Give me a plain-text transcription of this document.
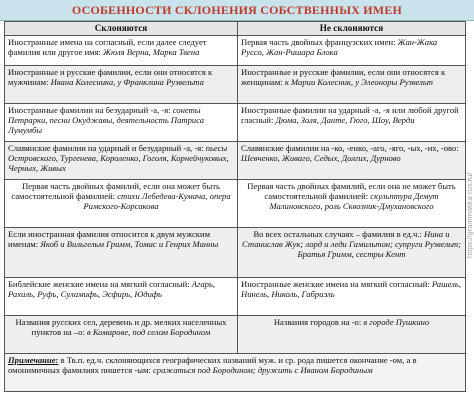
ОСОБЕННОСТИ СКЛОНЕНИЯ СОБСТВЕННЫХ ИМЕН
Склоняются	Не склоняются
Иностранные имена на согласный, если далее следует фамилия или другое имя: Жюля Верна, Марка Твена	Первая часть двойных французских имен: Жан-Жака Руссо, Жан-Ришара Блока
Иностранные и русские фамилии, если они относятся к мужчинам: Ивана Колесника, у Франклина Рузвельта	Иностранные и русские фамилии, если они относятся к женщинам: к Марии Колесник, у Элеоноры Рузвельт
Иностранные фамилии на безударный -а, -я: сонеты Петрарки, песни Окуджавы, деятельность Патриса Лумумбы	Иностранные фамилии на ударный -а, -я или любой другой гласный: Дюма, Золя, Данте, Гюго, Шоу, Верди
Славянские фамилии на ударный и безударный -а, -я: пьесы Островского, Тургенева, Короленко, Гоголя, Корнейчуковых, Черных, Живых	Славянские фамилии на -ко, -енко, -аго, -яго, -ых, -их, -ово: Шевченко, Живаго, Седых, Долгих, Дурново
Первая часть двойных фамилий, если она может быть самостоятельной фамилией: стихи Лебедева-Кумача, опера Римского-Корсакова	Первая часть двойных фамилий, если она не может быть самостоятельной фамилией: скульптура Демут Малиновского, роль Сквозник-Дмухановского
Если иностранная фамилия относится к двум мужским именам: Якоб и Вильгельм Гримм, Томас и Генрих Манны	Во всех остальных случаях – фамилия в ед.ч.: Нина и Станислав Жук; лорд и леди Гамильтон; супруги Рузвельт; Братья Гримм, сестры Кент
Библейские женские имена на мягкий согласный: Агарь, Рахиль, Руфь, Суламифь, Эсфирь, Юдифь	Иностранные женские имена на мягкий согласный: Рашель, Нинель, Николь, Габриэль
Названия русских сел, деревень и др. мелких населенных пунктов на –о: в Комарове, под селом Бородином	Названия городов на -о: в городе Пушкино
Примечание: в Тв.п. ед.ч. склоняющихся географических названий муж. и ср. рода пишется окончание -ом, а в омонимичных фамилиях пишется -ым: сражаться под Бородином; дружить с Иваном Бородиным	
https://grammatika-rus.ru/
